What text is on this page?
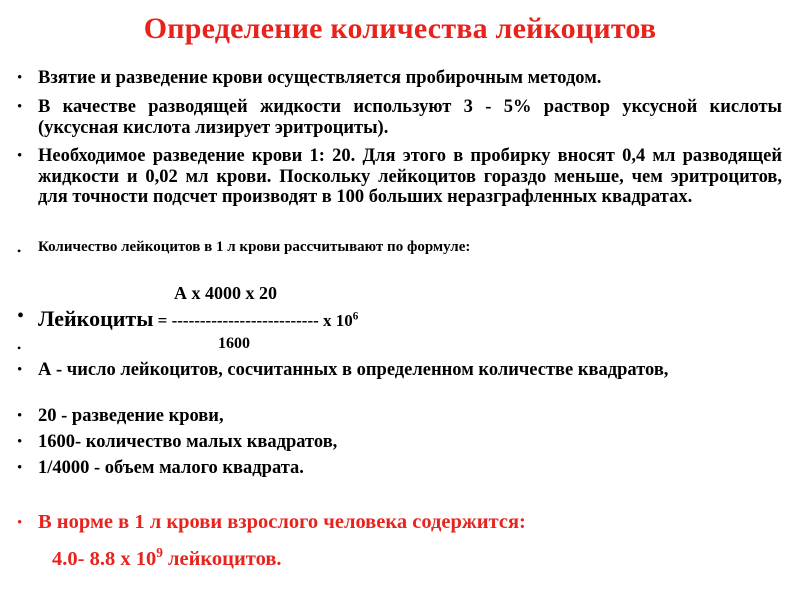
Определение количества лейкоцитов
• Взятие и разведение крови осуществляется пробирочным методом.
• В качестве разводящей жидкости используют 3 - 5% раствор уксусной кислоты (уксусная кислота лизирует эритроциты).
• Необходимое разведение крови 1: 20. Для этого в пробирку вносят 0,4 мл разводящей жидкости и 0,02 мл крови. Поскольку лейкоцитов гораздо меньше, чем эритроцитов, для точности подсчет производят в 100 больших неразграфленных квадратах.
• Количество лейкоцитов в 1 л крови рассчитывают по формуле:
А х 4000 х 20
• Лейкоциты = -------------------------- х $10^6$
•	1600
• А - число лейкоцитов, сосчитанных в определенном количестве квадратов,
• 20 - разведение крови,
• 1600- количество малых квадратов,
• 1/4000 - объем малого квадрата.
• В норме в 1 л крови взрослого человека содержится:
4.0- 8.8 х $10^9$ лейкоцитов.
